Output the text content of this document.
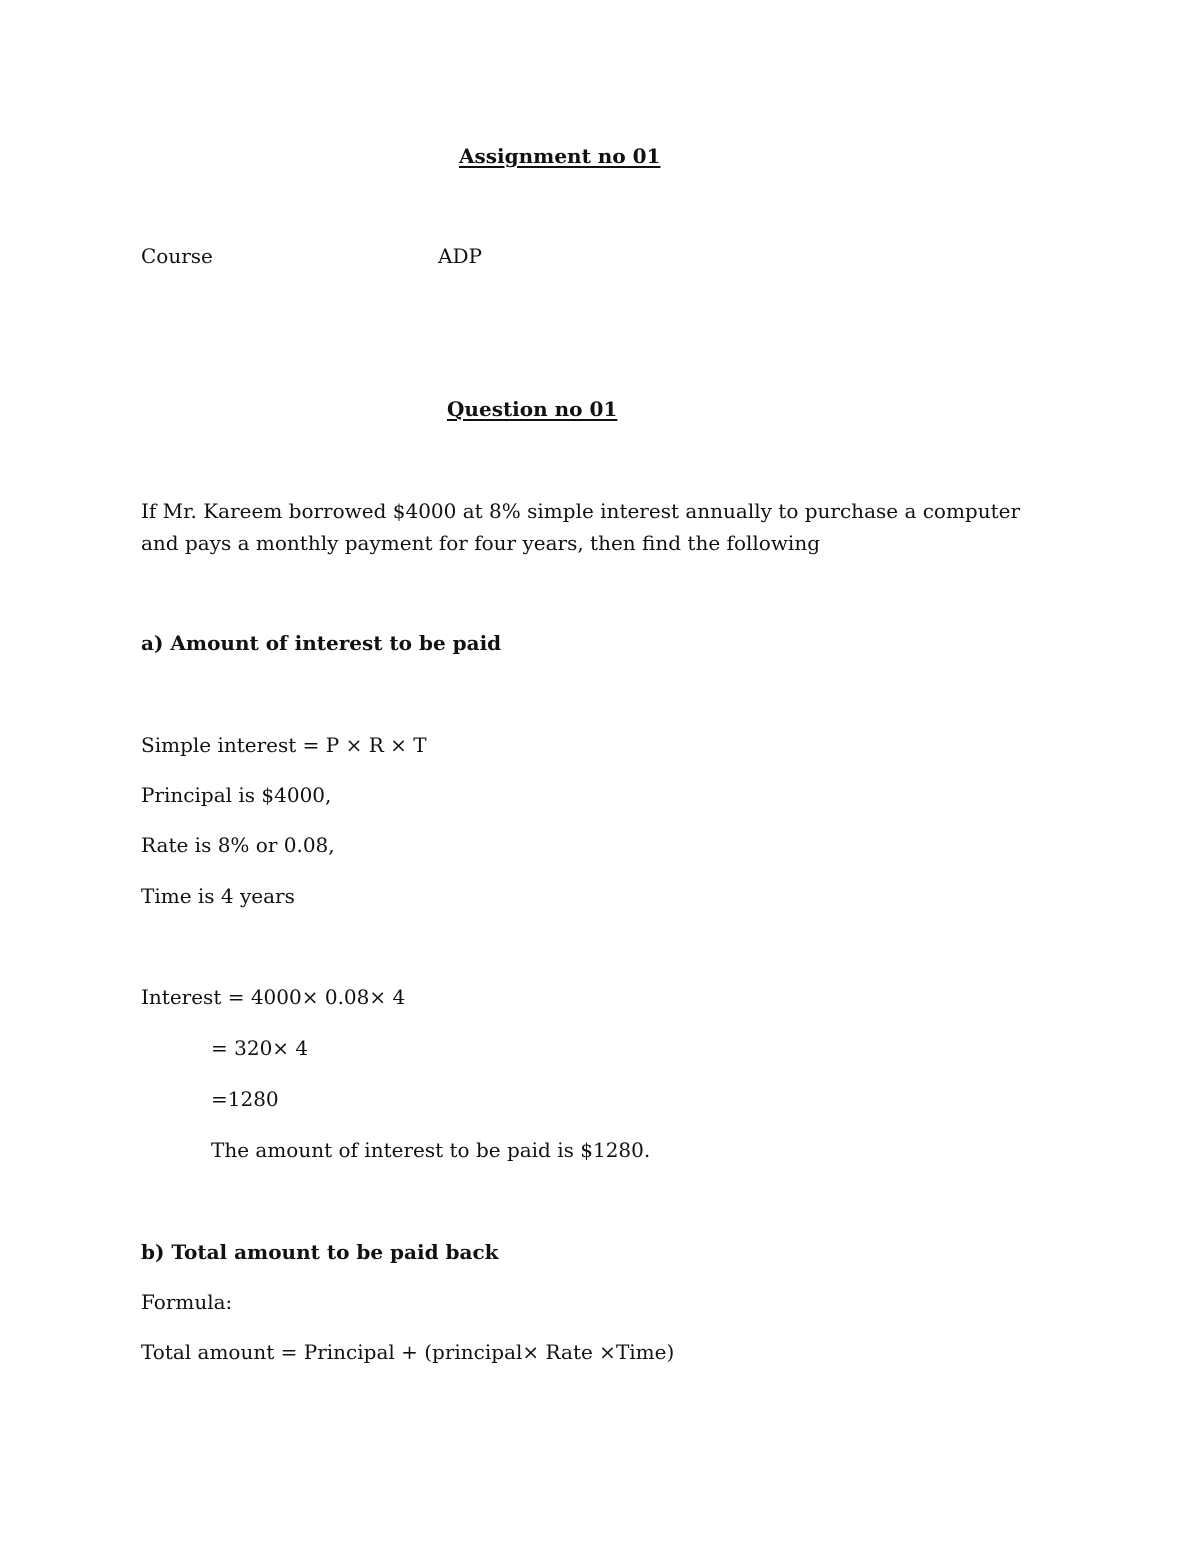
Assignment no 01

Course	ADP

Question no 01

If Mr. Kareem borrowed $4000 at 8% simple interest annually to purchase a computer and pays a monthly payment for four years, then find the following

a) Amount of interest to be paid

Simple interest = P × R × T

Principal is $4000,

Rate is 8% or 0.08,

Time is 4 years

Interest = 4000× 0.08× 4

= 320× 4

=1280

The amount of interest to be paid is $1280.

b) Total amount to be paid back

Formula:

Total amount = Principal + (principal× Rate ×Time)
